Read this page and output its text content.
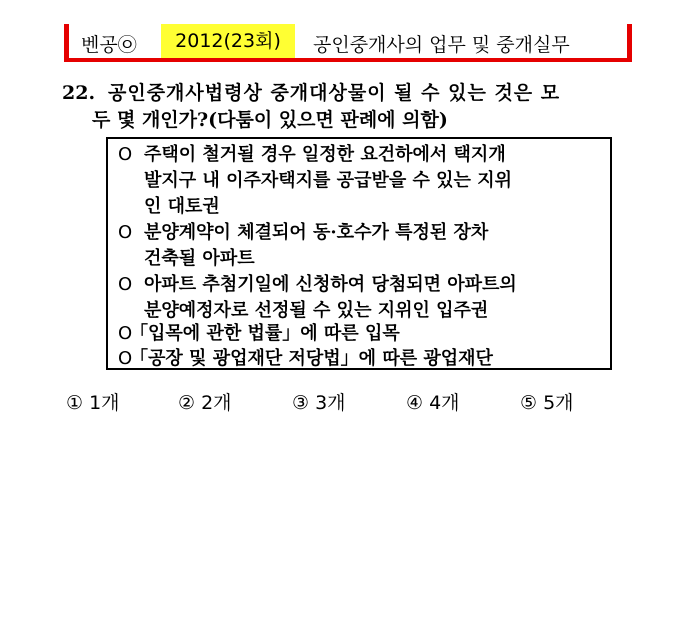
벤공㉧	2012(23회)	공인중개사의 업무 및 중개실무
22. 공인중개사법령상 중개대상물이 될 수 있는 것은 모
두 몇 개인가?(다툼이 있으면 판례에 의함)
O 주택이 철거될 경우 일정한 요건하에서 택지개
발지구 내 이주자택지를 공급받을 수 있는 지위
인 대토권
O 분양계약이 체결되어 동·호수가 특정된 장차
건축될 아파트
O 아파트 추첨기일에 신청하여 당첨되면 아파트의
분양예정자로 선정될 수 있는 지위인 입주권
O
「입목에 관한 법률」에 따른 입목
O
「공장 및 광업재단 저당법」에 따른 광업재단
① 1개	② 2개	③ 3개	④ 4개	⑤ 5개
